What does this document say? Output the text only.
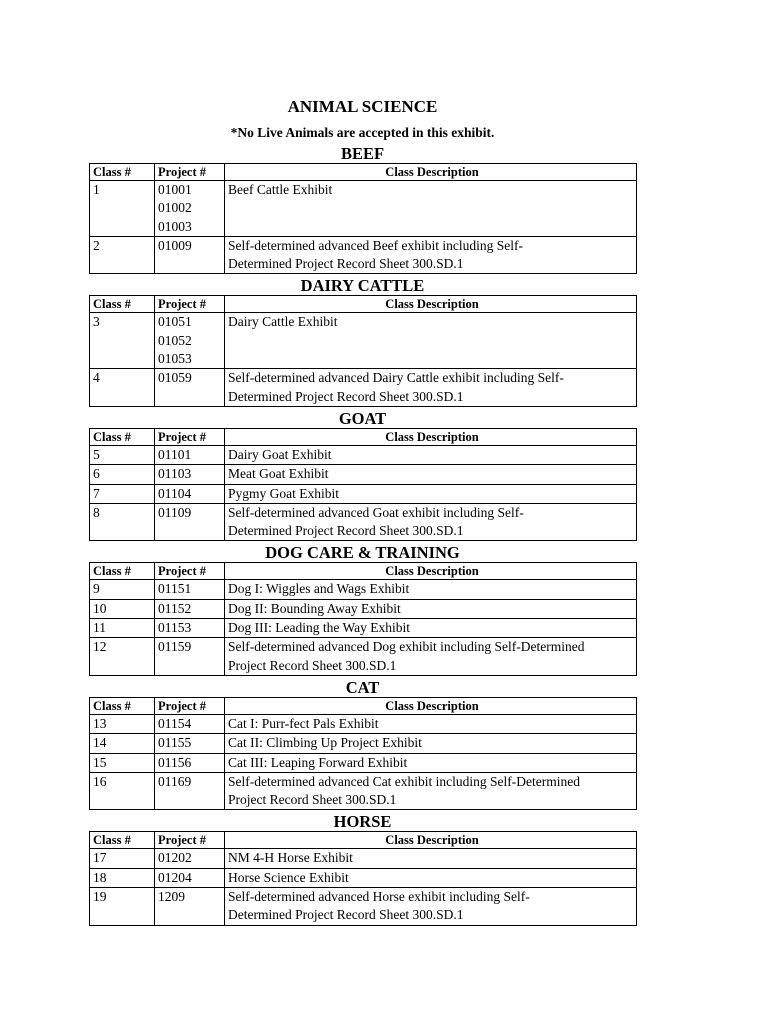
ANIMAL SCIENCE
*No Live Animals are accepted in this exhibit.
BEEF
Class #	Project #	Class Description
1	01001
01002
01003	Beef Cattle Exhibit

2	01009	Self-determined advanced Beef exhibit including Self-
Determined Project Record Sheet 300.SD.1
DAIRY CATTLE
Class #	Project #	Class Description
3	01051
01052
01053	Dairy Cattle Exhibit

4	01059	Self-determined advanced Dairy Cattle exhibit including Self-
Determined Project Record Sheet 300.SD.1
GOAT
Class #	Project #	Class Description
5	01101	Dairy Goat Exhibit

6	01103	Meat Goat Exhibit

7	01104	Pygmy Goat Exhibit

8	01109	Self-determined advanced Goat exhibit including Self-
Determined Project Record Sheet 300.SD.1
DOG CARE & TRAINING
Class #	Project #	Class Description
9	01151	Dog I: Wiggles and Wags Exhibit

10	01152	Dog II: Bounding Away Exhibit

11	01153	Dog III: Leading the Way Exhibit

12	01159	Self-determined advanced Dog exhibit including Self-Determined
Project Record Sheet 300.SD.1
CAT
Class #	Project #	Class Description
13	01154	Cat I: Purr-fect Pals Exhibit

14	01155	Cat II: Climbing Up Project Exhibit

15	01156	Cat III: Leaping Forward Exhibit

16	01169	Self-determined advanced Cat exhibit including Self-Determined
Project Record Sheet 300.SD.1
HORSE
Class #	Project #	Class Description
17	01202	NM 4-H Horse Exhibit

18	01204	Horse Science Exhibit

19	1209	Self-determined advanced Horse exhibit including Self-
Determined Project Record Sheet 300.SD.1
